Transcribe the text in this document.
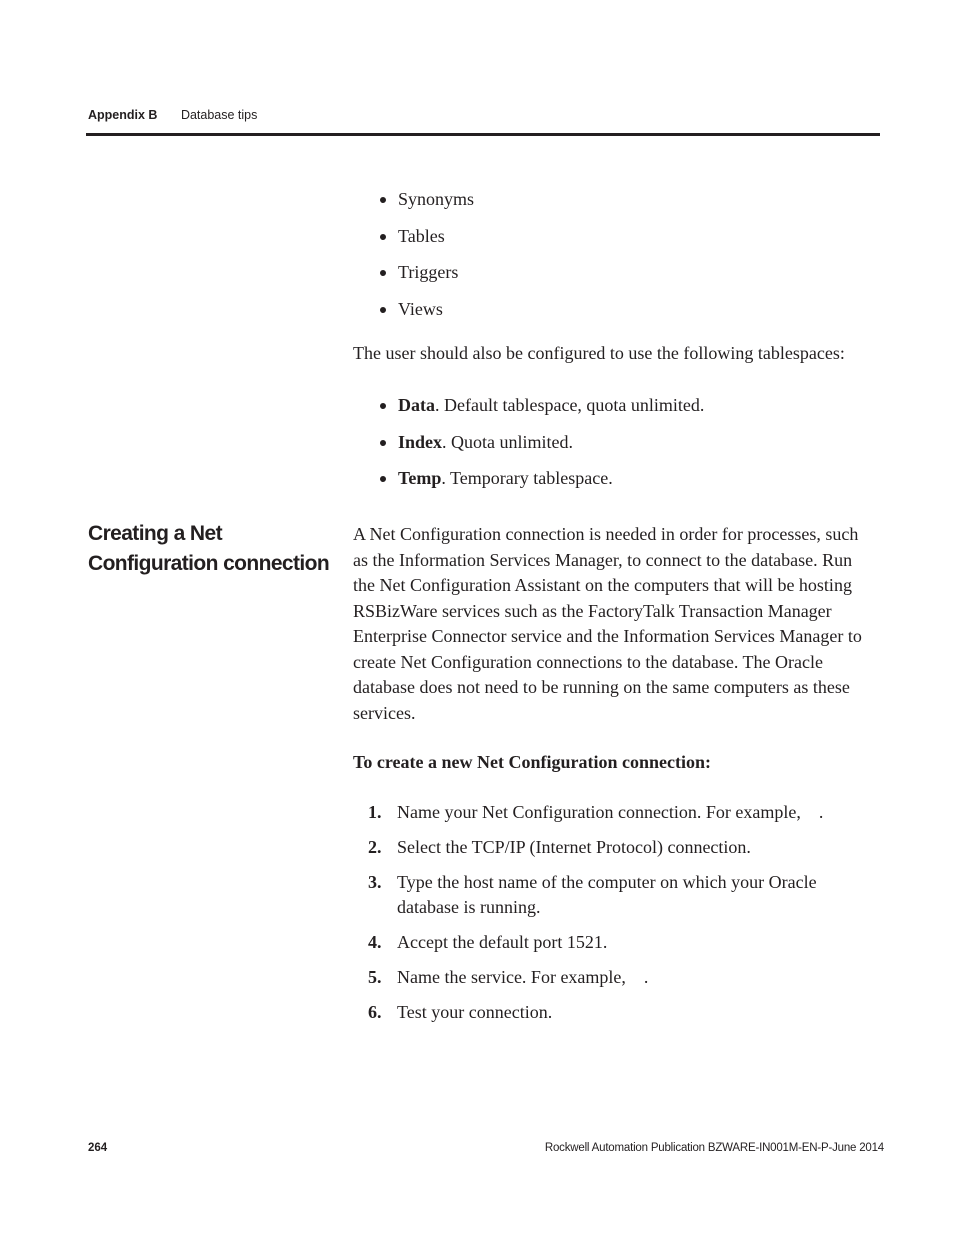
Appendix B Database tips
Synonyms
Tables
Triggers
Views

The user should also be configured to use the following tablespaces:

Data. Default tablespace, quota unlimited.
Index. Quota unlimited.
Temp. Temporary tablespace.
Creating a Net Configuration connection

A Net Configuration connection is needed in order for processes, such as the Information Services Manager, to connect to the database. Run the Net Configuration Assistant on the computers that will be hosting RSBizWare services such as the FactoryTalk Transaction Manager Enterprise Connector service and the Information Services Manager to create Net Configuration connections to the database. The Oracle database does not need to be running on the same computers as these services.

To create a new Net Configuration connection:

1. Name your Net Configuration connection. For example, .
2. Select the TCP/IP (Internet Protocol) connection.
3. Type the host name of the computer on which your Oracle database is running.
4. Accept the default port 1521.
5. Name the service. For example, .
6. Test your connection.
264	Rockwell Automation Publication BZWARE-IN001M-EN-P-June 2014
